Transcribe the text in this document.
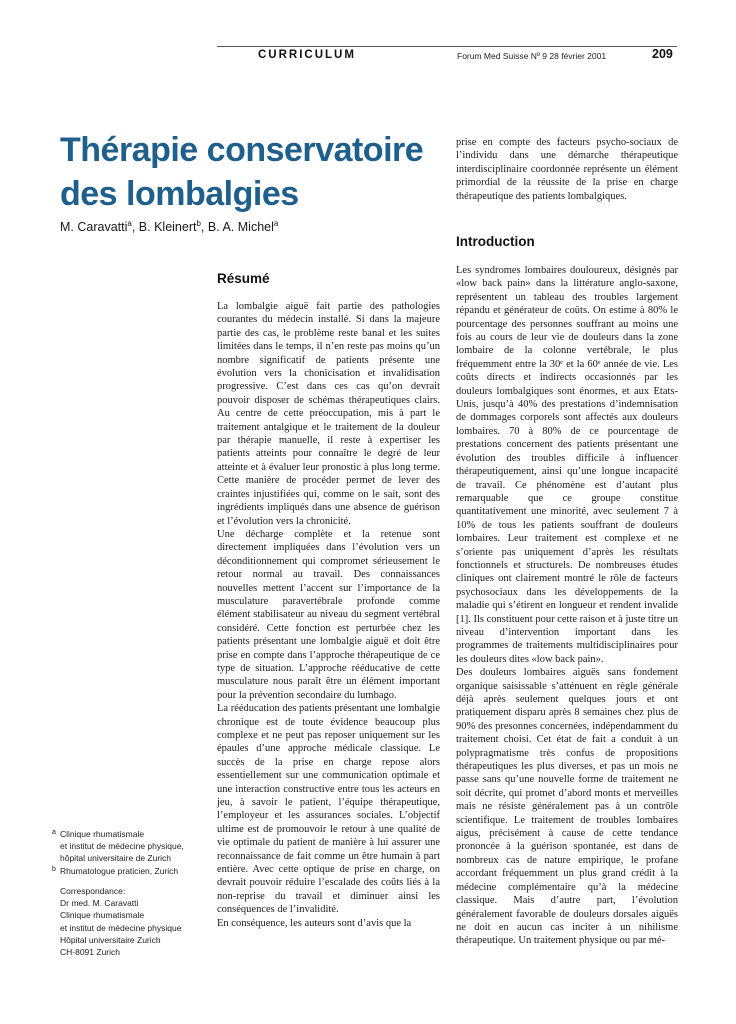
CURRICULUM	Forum Med Suisse Nº 9 28 février 2001	209
Thérapie conservatoire des lombalgies
M. Caravatti$^a$, B. Kleinert$^b$, B. A. Michel$^a$
Résumé

La lombalgie aiguë fait partie des pathologies courantes du médecin installé. Si dans la majeure partie des cas, le problème reste banal et les suites limitées dans le temps, il n’en reste pas moins qu’un nombre significatif de patients présente une évolution vers la chonicisation et invalidisation progressive. C’est dans ces cas qu’on devrait pouvoir disposer de schémas thérapeutiques clairs. Au centre de cette préoccupation, mis à part le traitement antalgique et le traitement de la douleur par thérapie manuelle, il reste à expertiser les patients atteints pour connaître le degré de leur atteinte et à évaluer leur pronostic à plus long terme. Cette manière de procéder permet de lever des craintes injustifiées qui, comme on le sait, sont des ingrédients impliqués dans une absence de guérison et l’évolution vers la chronicité.

Une décharge complète et la retenue sont directement impliquées dans l’évolution vers un déconditionnement qui compromet sérieusement le retour normal au travail. Des connaissances nouvelles mettent l’accent sur l’importance de la musculature paravertébrale profonde comme élément stabilisateur au niveau du segment vertébral considéré. Cette fonction est perturbée chez les patients présentant une lombalgie aiguë et doit être prise en compte dans l’approche thérapeutique de ce type de situation. L’approche rééducative de cette musculature nous paraît être un élément important pour la prévention secondaire du lumbago.

La rééducation des patients présentant une lombalgie chronique est de toute évidence beaucoup plus complexe et ne peut pas reposer uniquement sur les épaules d’une approche médicale classique. Le succès de la prise en charge repose alors essentiellement sur une communication optimale et une interaction constructive entre tous les acteurs en jeu, à savoir le patient, l’équipe thérapeutique, l’employeur et les assurances sociales. L’objectif ultime est de promouvoir le retour à une qualité de vie optimale du patient de manière à lui assurer une reconnaissance de fait comme un être humain à part entière. Avec cette optique de prise en charge, on devrait pouvoir réduire l’escalade des coûts liés à la non-reprise du travail et diminuer ainsi les conséquences de l’invalidité.

En conséquence, les auteurs sont d’avis que la

prise en compte des facteurs psycho-sociaux de l’individu dans une démarche thérapeutique interdisciplinaire coordonnée représente un élément primordial de la réussite de la prise en charge thérapeutique des patients lombalgiques.

Introduction

Les syndromes lombaires douloureux, désignés par «low back pain» dans la littérature anglo-saxone, représentent un tableau des troubles largement répandu et générateur de coûts. On estime à 80% le pourcentage des personnes souffrant au moins une fois au cours de leur vie de douleurs dans la zone lombaire de la colonne vertébrale, le plus fréquemment entre la 30ᵉ et la 60ᵉ année de vie. Les coûts directs et indirects occasionnés par les douleurs lombalgiques sont énormes, et aux Etats-Unis, jusqu’à 40% des prestations d’indemnisation de dommages corporels sont affectés aux douleurs lombaires. 70 à 80% de ce pourcentage de prestations concernent des patients présentant une évolution des troubles difficile à influencer thérapeutiquement, ainsi qu’une longue incapacité de travail. Ce phénomène est d’autant plus remarquable que ce groupe constitue quantitativement une minorité, avec seulement 7 à 10% de tous les patients souffrant de douleurs lombaires. Leur traitement est complexe et ne s’oriente pas uniquement d’après les résultats fonctionnels et structurels. De nombreuses études cliniques ont clairement montré le rôle de facteurs psychosociaux dans les développements de la maladie qui s’étirent en longueur et rendent invalide [1]. Ils constituent pour cette raison et à juste titre un niveau d’intervention important dans les programmes de traitements multidisciplinaires pour les douleurs dites «low back pain».

Des douleurs lombaires aiguës sans fondement organique saisissable s’atténuent en règle générale déjà après seulement quelques jours et ont pratiquement disparu après 8 semaines chez plus de 90% des presonnes concernées, indépendamment du traitement choisi. Cet état de fait a conduit à un polypragmatisme très confus de propositions thérapeutiques les plus diverses, et pas un mois ne passe sans qu’une nouvelle forme de traitement ne soit décrite, qui promet d’abord monts et merveilles mais ne résiste généralement pas à un contrôle scientifique. Le traitement de troubles lombaires aigus, précisément à cause de cette tendance prononcée à la guérison spontanée, est dans de nombreux cas de nature empirique, le profane accordant fréquemment un plus grand crédit à la médecine complémentaire qu’à la médecine classique. Mais d’autre part, l’évolution généralement favorable de douleurs dorsales aiguës ne doit en aucun cas inciter à un nihilisme thérapeutique. Un traitement physique ou par mé-

a Clinique rhumatismale
et institut de médecine physique,
hôpital universitaire de Zurich
b Rhumatologue praticien, Zurich
Correspondance:
Dr med. M. Caravatti
Clinique rhumatismale
et institut de médecine physique
Hôpital universitaire Zurich
CH-8091 Zurich
